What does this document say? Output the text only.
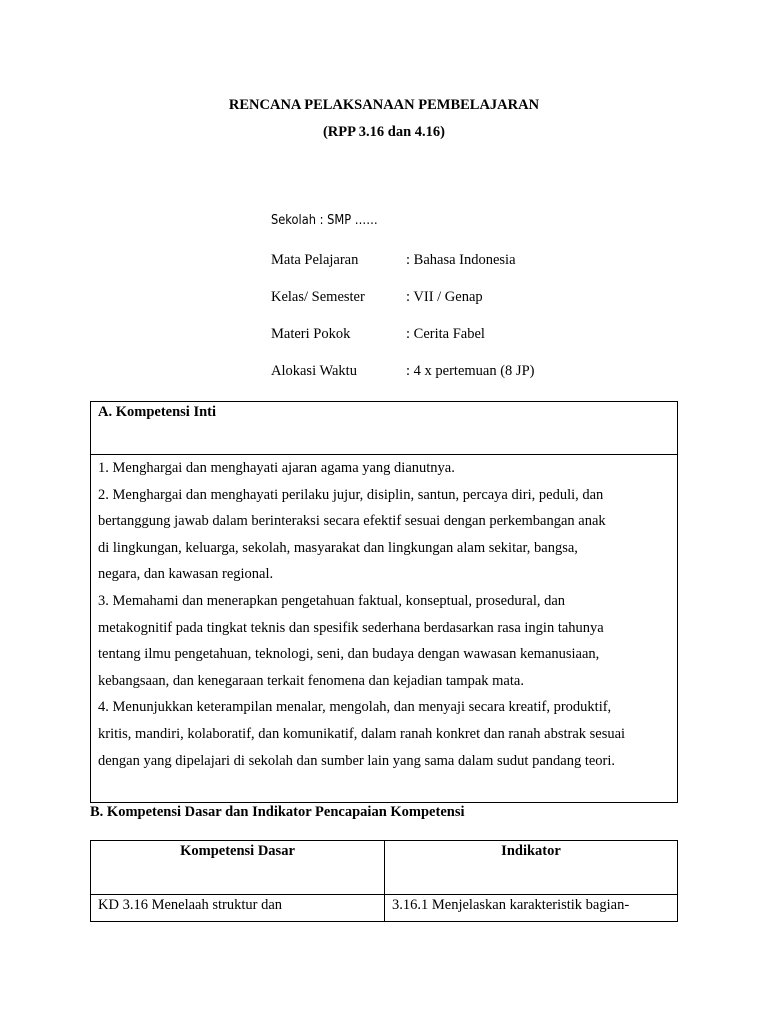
RENCANA PELAKSANAAN PEMBELAJARAN
(RPP 3.16 dan 4.16)
Sekolah : SMP ……
Mata Pelajaran	: Bahasa Indonesia
Kelas/ Semester	: VII / Genap
Materi Pokok	: Cerita Fabel
Alokasi Waktu	: 4 x pertemuan (8 JP)
A. Kompetensi Inti

1. Menghargai dan menghayati ajaran agama yang dianutnya.

2. Menghargai dan menghayati perilaku jujur, disiplin, santun, percaya diri, peduli, dan

bertanggung jawab dalam berinteraksi secara efektif sesuai dengan perkembangan anak

di lingkungan, keluarga, sekolah, masyarakat dan lingkungan alam sekitar, bangsa,

negara, dan kawasan regional.

3. Memahami dan menerapkan pengetahuan faktual, konseptual, prosedural, dan

metakognitif pada tingkat teknis dan spesifik sederhana berdasarkan rasa ingin tahunya

tentang ilmu pengetahuan, teknologi, seni, dan budaya dengan wawasan kemanusiaan,

kebangsaan, dan kenegaraan terkait fenomena dan kejadian tampak mata.

4. Menunjukkan keterampilan menalar, mengolah, dan menyaji secara kreatif, produktif,

kritis, mandiri, kolaboratif, dan komunikatif, dalam ranah konkret dan ranah abstrak sesuai

dengan yang dipelajari di sekolah dan sumber lain yang sama dalam sudut pandang teori.

B. Kompetensi Dasar dan Indikator Pencapaian Kompetensi
Kompetensi Dasar	Indikator
KD 3.16 Menelaah struktur dan	3.16.1 Menjelaskan karakteristik bagian-
